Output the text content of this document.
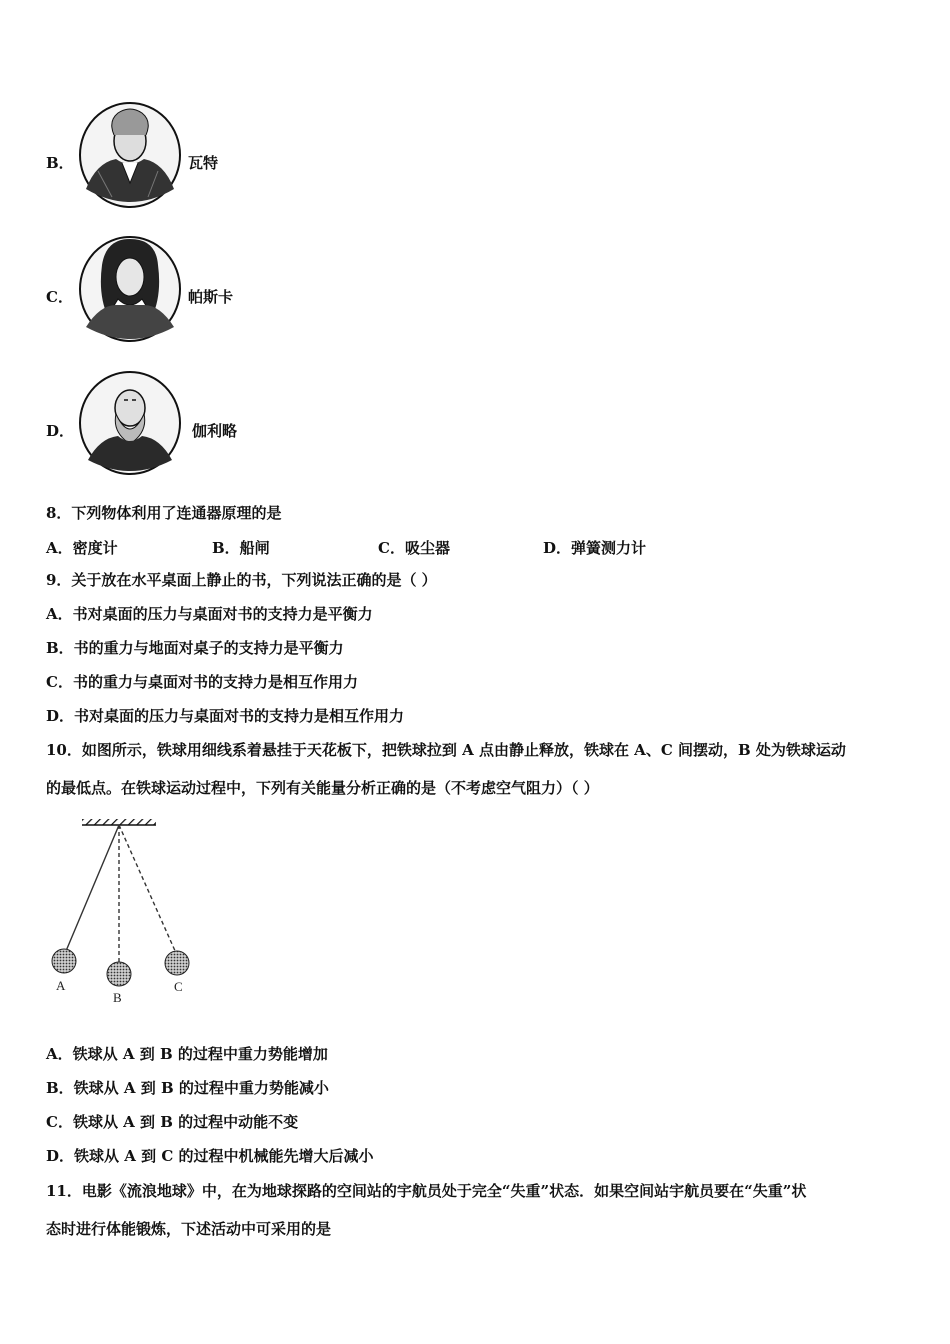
B．	瓦特
C．	帕斯卡
D．	伽利略
8．下列物体利用了连通器原理的是
A．密度计	B．船闸	C．吸尘器	D．弹簧测力计
9．关于放在水平桌面上静止的书，下列说法正确的是（ ）
A．书对桌面的压力与桌面对书的支持力是平衡力
B．书的重力与地面对桌子的支持力是平衡力
C．书的重力与桌面对书的支持力是相互作用力
D．书对桌面的压力与桌面对书的支持力是相互作用力
10．如图所示，铁球用细线系着悬挂于天花板下，把铁球拉到 A 点由静止释放，铁球在 A、C 间摆动，B 处为铁球运动
的最低点。在铁球运动过程中，下列有关能量分析正确的是（不考虑空气阻力）（ ）
A
B
C
A．铁球从 A 到 B 的过程中重力势能增加
B．铁球从 A 到 B 的过程中重力势能减小
C．铁球从 A 到 B 的过程中动能不变
D．铁球从 A 到 C 的过程中机械能先增大后减小
11．电影《流浪地球》中，在为地球探路的空间站的宇航员处于完全“失重”状态．如果空间站宇航员要在“失重”状
态时进行体能锻炼，下述活动中可采用的是
